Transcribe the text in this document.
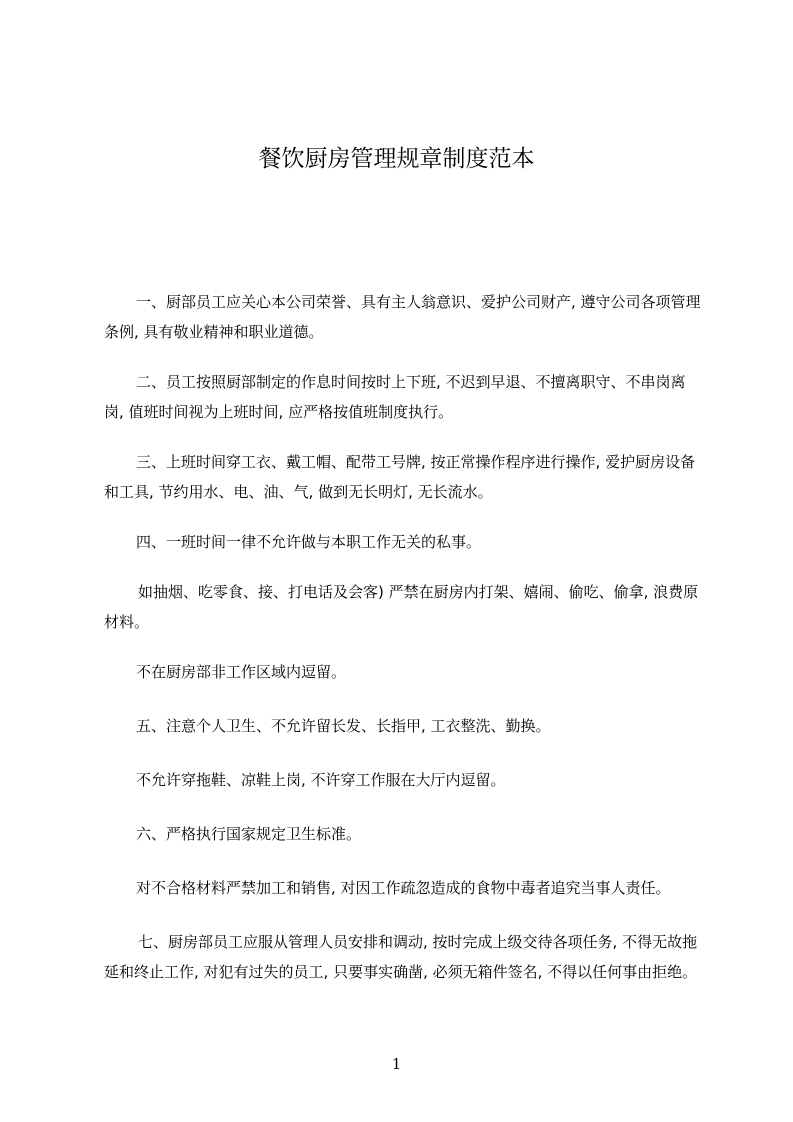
餐饮厨房管理规章制度范本

一、厨部员工应关心本公司荣誉、具有主人翁意识、爱护公司财产, 遵守公司各项管理条例, 具有敬业精神和职业道德。

二、员工按照厨部制定的作息时间按时上下班, 不迟到早退、不擅离职守、不串岗离岗, 值班时间视为上班时间, 应严格按值班制度执行。

三、上班时间穿工衣、戴工帽、配带工号牌, 按正常操作程序进行操作, 爱护厨房设备和工具, 节约用水、电、油、气, 做到无长明灯, 无长流水。

四、一班时间一律不允许做与本职工作无关的私事。

如抽烟、吃零食、接、打电话及会客) 严禁在厨房内打架、嬉闹、偷吃、偷拿, 浪费原材料。

不在厨房部非工作区域内逗留。

五、注意个人卫生、不允许留长发、长指甲, 工衣整洗、勤换。

不允许穿拖鞋、凉鞋上岗, 不许穿工作服在大厅内逗留。

六、严格执行国家规定卫生标准。

对不合格材料严禁加工和销售, 对因工作疏忽造成的食物中毒者追究当事人责任。

七、厨房部员工应服从管理人员安排和调动, 按时完成上级交待各项任务, 不得无故拖延和终止工作, 对犯有过失的员工, 只要事实确凿, 必须无箱件签名, 不得以任何事由拒绝。

1
